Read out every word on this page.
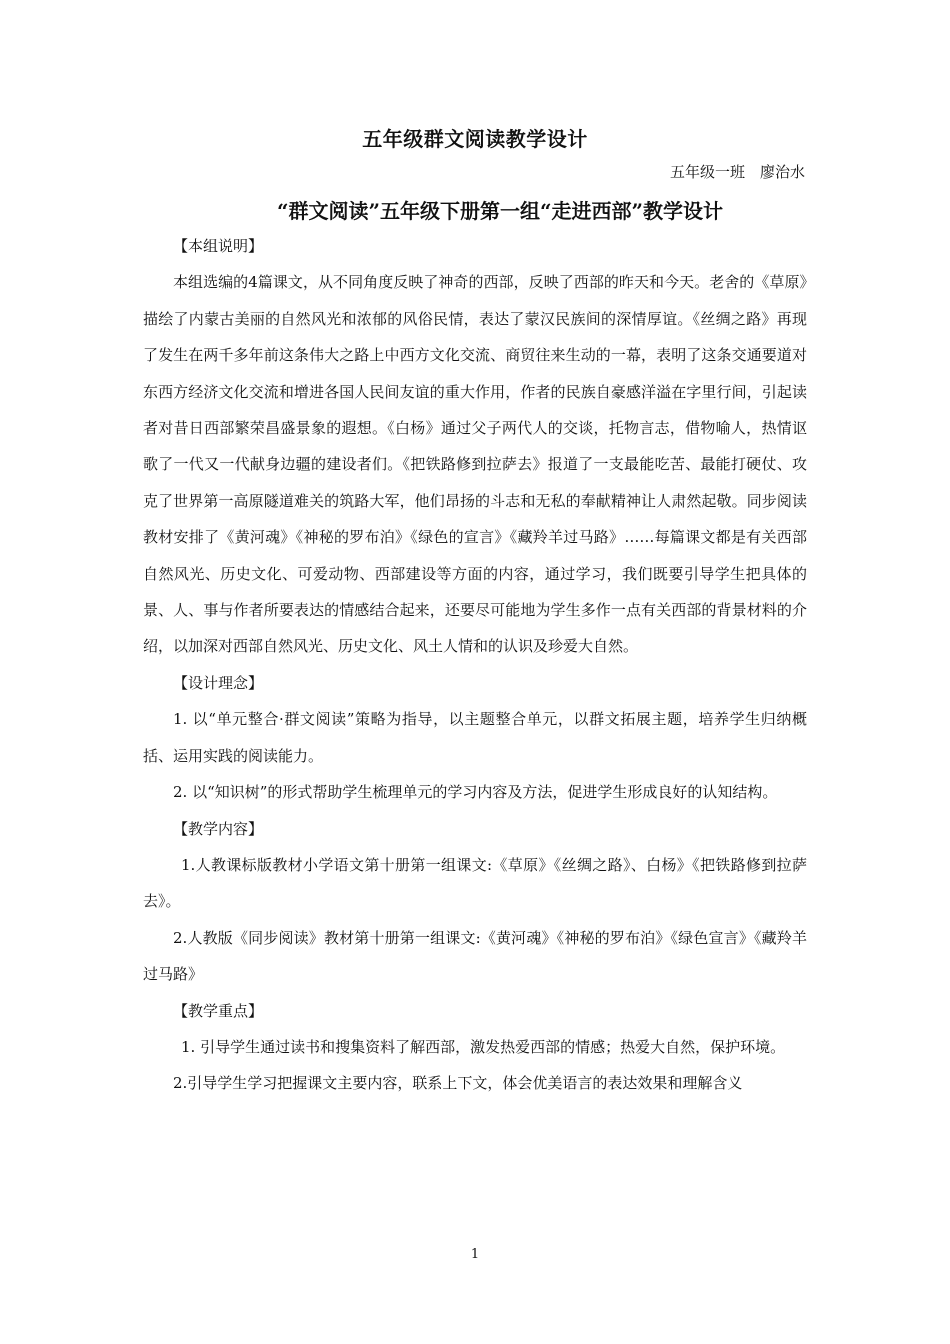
五年级群文阅读教学设计
五年级一班　廖治水
“群文阅读”五年级下册第一组“走进西部”教学设计

【本组说明】

本组选编的4篇课文，从不同角度反映了神奇的西部，反映了西部的昨天和今天。老舍的《草原》描绘了内蒙古美丽的自然风光和浓郁的风俗民情，表达了蒙汉民族间的深情厚谊。《丝绸之路》再现了发生在两千多年前这条伟大之路上中西方文化交流、商贸往来生动的一幕，表明了这条交通要道对东西方经济文化交流和增进各国人民间友谊的重大作用，作者的民族自豪感洋溢在字里行间，引起读者对昔日西部繁荣昌盛景象的遐想。《白杨》通过父子两代人的交谈，托物言志，借物喻人，热情讴歌了一代又一代献身边疆的建设者们。《把铁路修到拉萨去》报道了一支最能吃苦、最能打硬仗、攻克了世界第一高原隧道难关的筑路大军，他们昂扬的斗志和无私的奉献精神让人肃然起敬。同步阅读教材安排了《黄河魂》《神秘的罗布泊》《绿色的宣言》《藏羚羊过马路》……每篇课文都是有关西部自然风光、历史文化、可爱动物、西部建设等方面的内容，通过学习，我们既要引导学生把具体的景、人、事与作者所要表达的情感结合起来，还要尽可能地为学生多作一点有关西部的背景材料的介绍，以加深对西部自然风光、历史文化、风土人情和的认识及珍爱大自然。

【设计理念】

1. 以“单元整合·群文阅读”策略为指导，以主题整合单元，以群文拓展主题，培养学生归纳概括、运用实践的阅读能力。

2. 以“知识树”的形式帮助学生梳理单元的学习内容及方法，促进学生形成良好的认知结构。

【教学内容】

1.人教课标版教材小学语文第十册第一组课文:《草原》《丝绸之路》、白杨》《把铁路修到拉萨去》。

2.人教版《同步阅读》教材第十册第一组课文:《黄河魂》《神秘的罗布泊》《绿色宣言》《藏羚羊过马路》

【教学重点】

1. 引导学生通过读书和搜集资料了解西部，激发热爱西部的情感；热爱大自然，保护环境。

2.引导学生学习把握课文主要内容，联系上下文，体会优美语言的表达效果和理解含义

1
